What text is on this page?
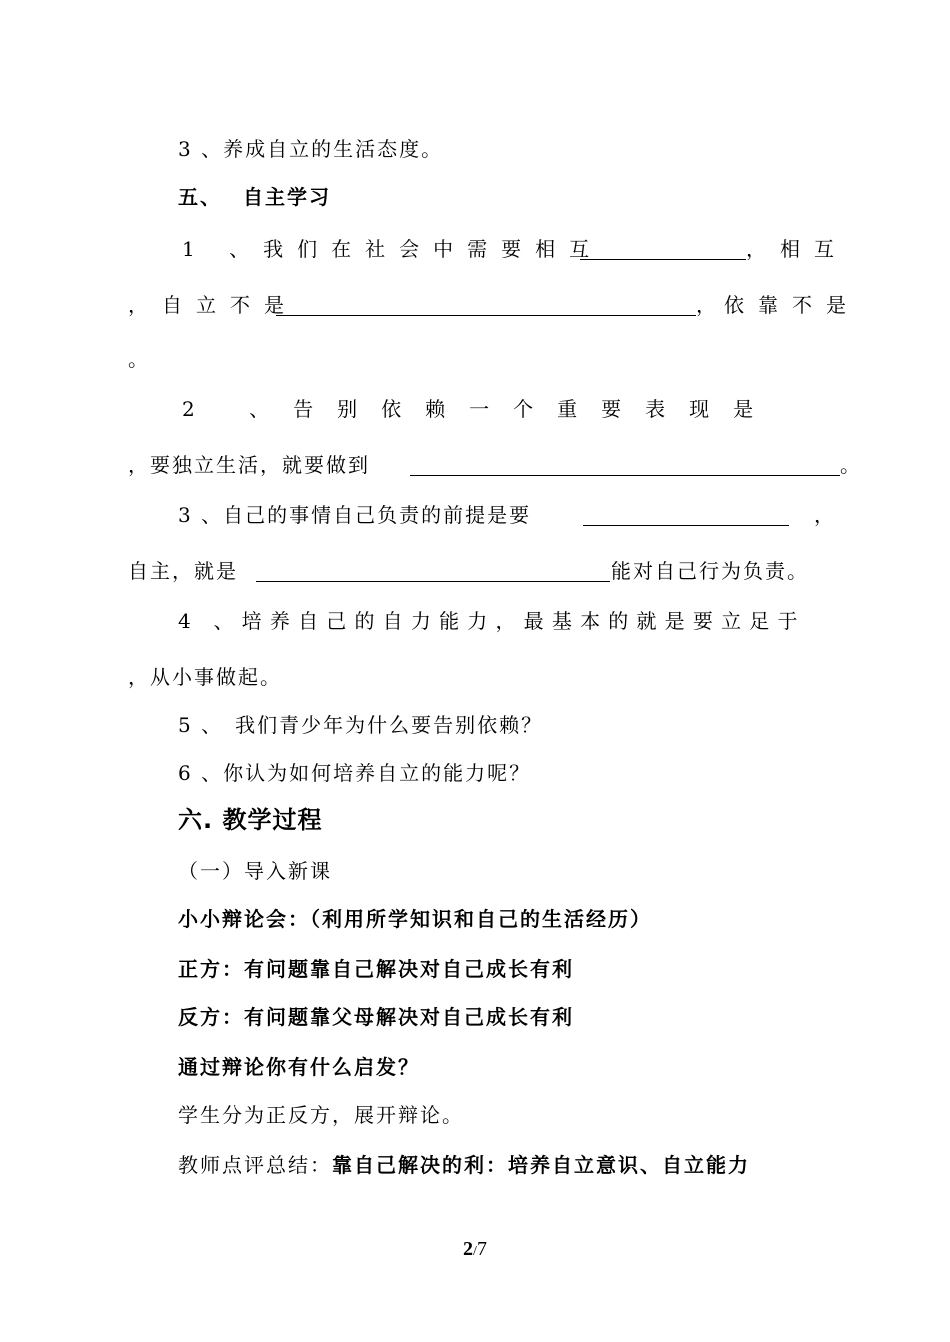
3 、养成自立的生活态度。
五、　 自主学习
1 、我们在社会中需要相互	， 相互
，自立不是	， 依靠不是
。
2 、告别依赖一个重要表现是
，要独立生活，就要做到	。
3 、自己的事情自己负责的前提是要	，
自主，就是	能对自己行为负责。
4 、培养自己的自力能力，最基本的就是要立足于
，从小事做起。
5 、　我们青少年为什么要告别依赖？
6 、你认为如何培养自立的能力呢？
六. 教学过程
（一）导入新课
小小辩论会：（利用所学知识和自己的生活经历）
正方：有问题靠自己解决对自己成长有利
反方：有问题靠父母解决对自己成长有利
通过辩论你有什么启发？
学生分为正反方，展开辩论。
教师点评总结：靠自己解决的利：培养自立意识、自立能力
2/7
